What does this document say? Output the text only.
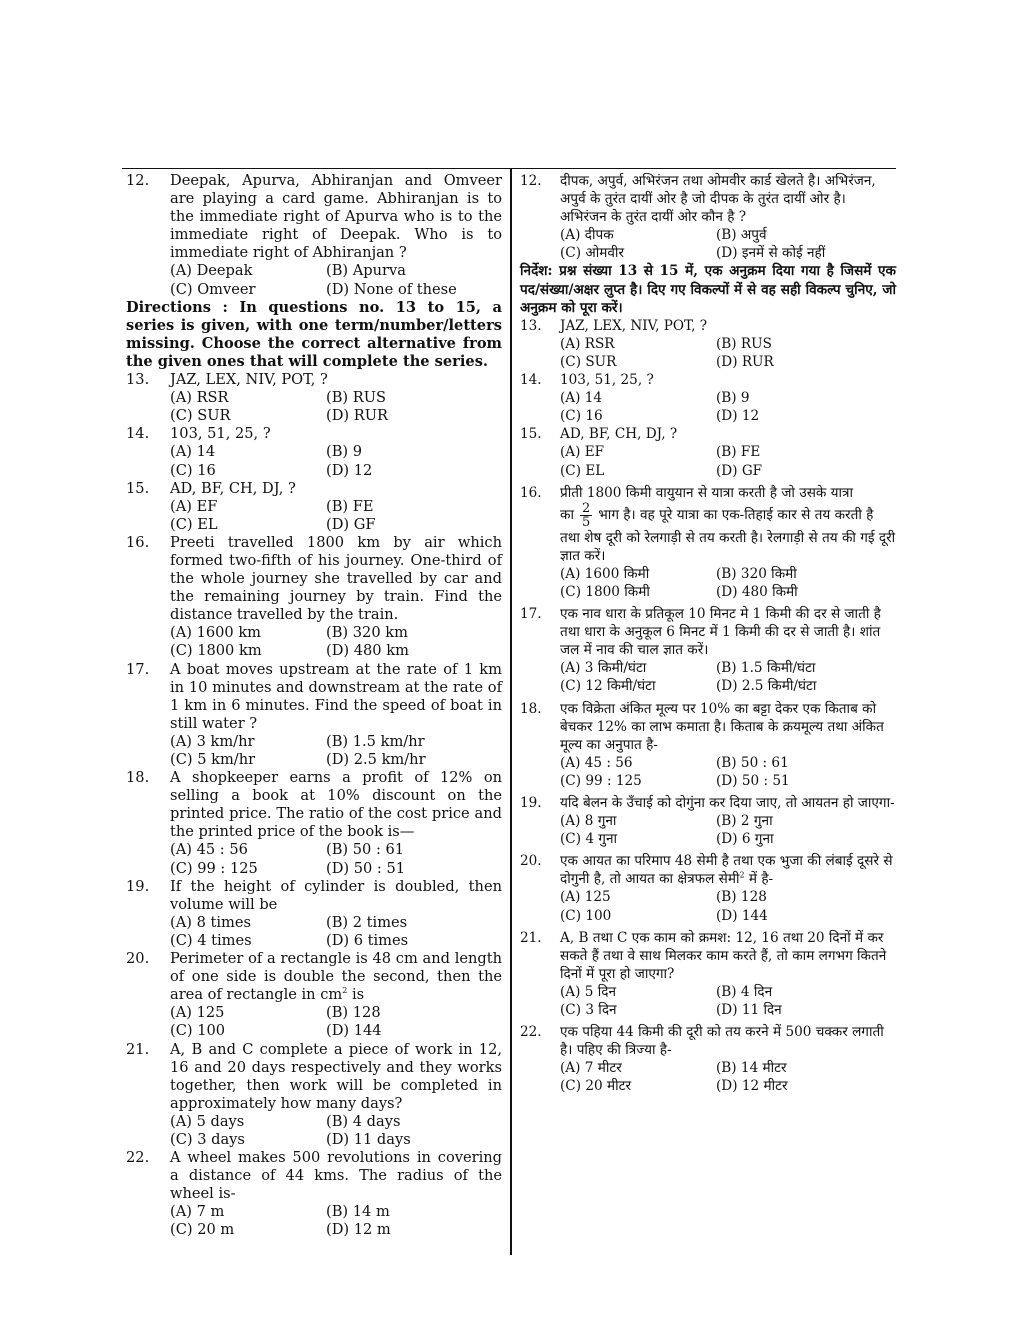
12.	Deepak, Apurva, Abhiranjan and Omveer are playing a card game. Abhiranjan is to the immediate right of Apurva who is to the immediate right of Deepak. Who is to immediate right of Abhiranjan ?
(A) Deepak	(B) Apurva
(C) Omveer	(D) None of these
Directions : In questions no. 13 to 15, a series is given, with one term/number/letters missing. Choose the correct alternative from the given ones that will complete the series.
13.	JAZ, LEX, NIV, POT, ?
(A) RSR	(B) RUS
(C) SUR	(D) RUR
14.	103, 51, 25, ?
(A) 14	(B) 9
(C) 16	(D) 12
15.	AD, BF, CH, DJ, ?
(A) EF	(B) FE
(C) EL	(D) GF
16.	Preeti travelled 1800 km by air which formed two-fifth of his journey. One-third of the whole journey she travelled by car and the remaining journey by train. Find the distance travelled by the train.
(A) 1600 km	(B) 320 km
(C) 1800 km	(D) 480 km
17.	A boat moves upstream at the rate of 1 km in 10 minutes and downstream at the rate of 1 km in 6 minutes. Find the speed of boat in still water ?
(A) 3 km/hr	(B) 1.5 km/hr
(C) 5 km/hr	(D) 2.5 km/hr
18.	A shopkeeper earns a profit of 12% on selling a book at 10% discount on the printed price. The ratio of the cost price and the printed price of the book is—
(A) 45 : 56	(B) 50 : 61
(C) 99 : 125	(D) 50 : 51
19.	If the height of cylinder is doubled, then volume will be
(A) 8 times	(B) 2 times
(C) 4 times	(D) 6 times
20.	Perimeter of a rectangle is 48 cm and length of one side is double the second, then the area of rectangle in $cm^2$ is
(A) 125	(B) 128
(C) 100	(D) 144
21.	A, B and C complete a piece of work in 12, 16 and 20 days respectively and they works together, then work will be completed in approximately how many days?
(A) 5 days	(B) 4 days
(C) 3 days	(D) 11 days
22.	A wheel makes 500 revolutions in covering a distance of 44 kms. The radius of the wheel is-
(A) 7 m	(B) 14 m
(C) 20 m	(D) 12 m
12.	दीपक, अपुर्व, अभिरंजन तथा ओमवीर कार्ड खेलते है। अभिरंजन, अपुर्व के तुरंत दायीं ओर है जो दीपक के तुरंत दायीं ओर है। अभिरंजन के तुरंत दायीं ओर कौन है ?
(A) दीपक	(B) अपुर्व
(C) ओमवीर	(D) इनमें से कोई नहीं
निर्देश: प्रश्न संख्या 13 से 15 में, एक अनुक्रम दिया गया है जिसमें एक पद/संख्या/अक्षर लुप्त है। दिए गए विकल्पों में से वह सही विकल्प चुनिए, जो अनुक्रम को पूरा करें।
13.	JAZ, LEX, NIV, POT, ?
(A) RSR	(B) RUS
(C) SUR	(D) RUR
14.	103, 51, 25, ?
(A) 14	(B) 9
(C) 16	(D) 12
15.	AD, BF, CH, DJ, ?
(A) EF	(B) FE
(C) EL	(D) GF
16.	प्रीती 1800 किमी वायुयान से यात्रा करती है जो उसके यात्रा
का $\frac{2}{5}$ भाग है। वह पूरे यात्रा का एक-तिहाई कार से तय करती है तथा शेष दूरी को रेलगाड़ी से तय करती है। रेलगाड़ी से तय की गई दूरी ज्ञात करें।
(A) 1600 किमी	(B) 320 किमी
(C) 1800 किमी	(D) 480 किमी
17.	एक नाव धारा के प्रतिकूल 10 मिनट मे 1 किमी की दर से जाती है तथा धारा के अनुकूल 6 मिनट में 1 किमी की दर से जाती है। शांत जल में नाव की चाल ज्ञात करें।
(A) 3 किमी/घंटा	(B) 1.5 किमी/घंटा
(C) 12 किमी/घंटा	(D) 2.5 किमी/घंटा
18.	एक विक्रेता अंकित मूल्य पर 10% का बट्टा देकर एक किताब को बेचकर 12% का लाभ कमाता है। किताब के क्रयमूल्य तथा अंकित मूल्य का अनुपात है-
(A) 45 : 56	(B) 50 : 61
(C) 99 : 125	(D) 50 : 51
19.	यदि बेलन के उँचाई को दोगुंना कर दिया जाए, तो आयतन हो जाएगा-
(A) 8 गुना	(B) 2 गुना
(C) 4 गुना	(D) 6 गुना
20.	एक आयत का परिमाप 48 सेमी है तथा एक भुजा की लंबाई दूसरे से दोगुनी है, तो आयत का क्षेत्रफल सेमी$^2$ में है-
(A) 125	(B) 128
(C) 100	(D) 144
21.	A, B तथा C एक काम को क्रमश: 12, 16 तथा 20 दिनों में कर सकते हैं तथा वे साथ मिलकर काम करते हैं, तो काम लगभग कितने दिनों में पूरा हो जाएगा?
(A) 5 दिन	(B) 4 दिन
(C) 3 दिन	(D) 11 दिन
22.	एक पहिया 44 किमी की दूरी को तय करने में 500 चक्कर लगाती है। पहिए की त्रिज्या है-
(A) 7 मीटर	(B) 14 मीटर
(C) 20 मीटर	(D) 12 मीटर
